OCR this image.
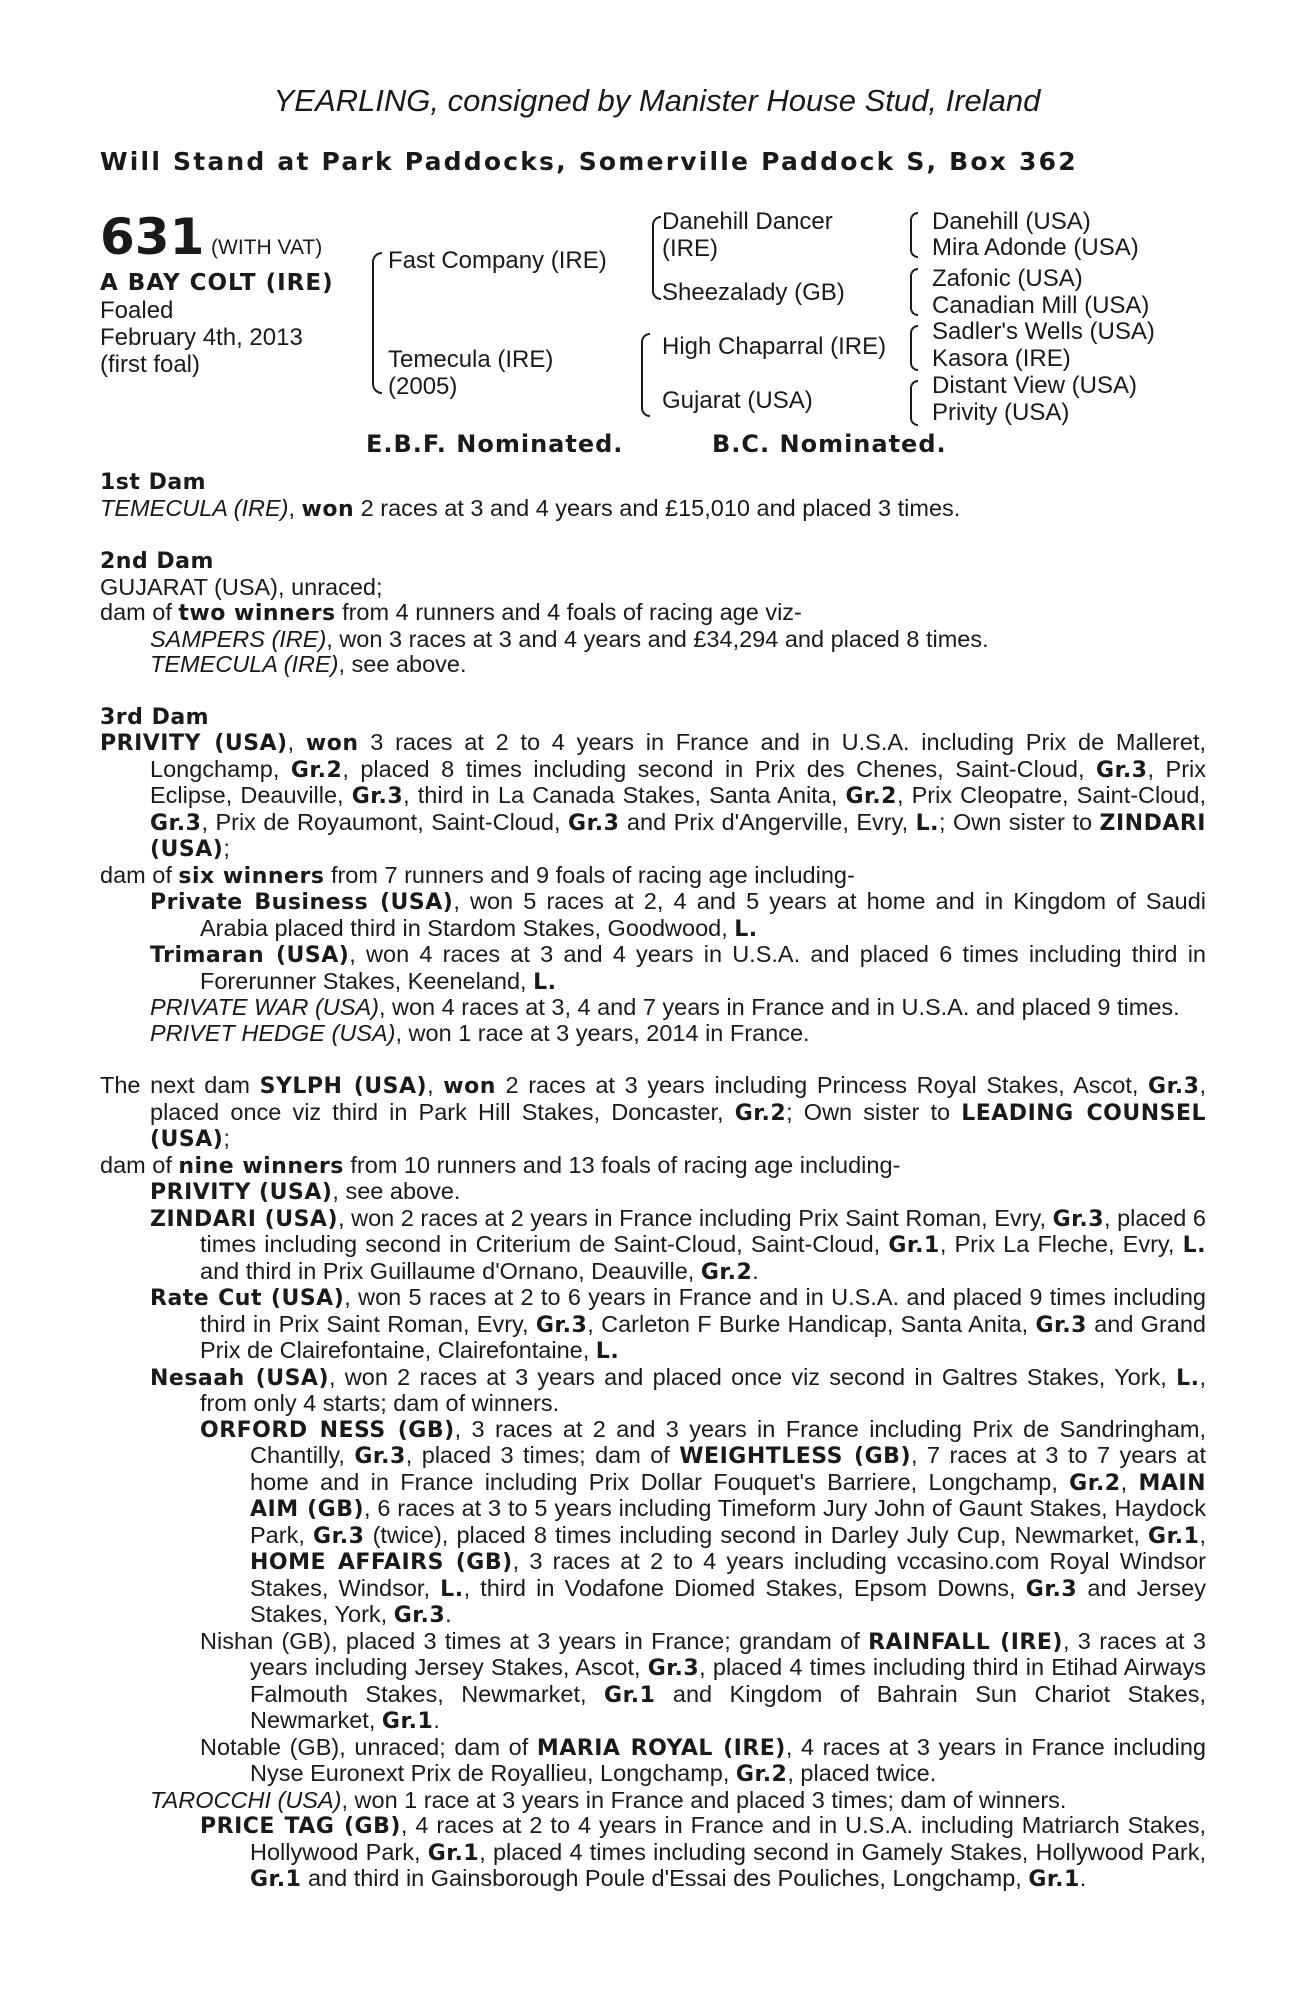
YEARLING, consigned by Manister House Stud, Ireland
Will Stand at Park Paddocks, Somerville Paddock S, Box 362
631 (WITH VAT)
A BAY COLT (IRE)
Foaled
February 4th, 2013
(first foal)
Fast Company (IRE)
Temecula (IRE)
(2005)
Danehill Dancer
(IRE)
Sheezalady (GB)
High Chaparral (IRE)
Gujarat (USA)
Danehill (USA)
Mira Adonde (USA)
Zafonic (USA)
Canadian Mill (USA)
Sadler's Wells (USA)
Kasora (IRE)
Distant View (USA)
Privity (USA)
E.B.F. Nominated.	B.C. Nominated.
1st Dam
TEMECULA (IRE), won 2 races at 3 and 4 years and £15,010 and placed 3 times.
2nd Dam
GUJARAT (USA), unraced;
dam of two winners from 4 runners and 4 foals of racing age viz-
SAMPERS (IRE), won 3 races at 3 and 4 years and £34,294 and placed 8 times.
TEMECULA (IRE), see above.
3rd Dam
PRIVITY (USA), won 3 races at 2 to 4 years in France and in U.S.A. including Prix de Malleret, Longchamp, Gr.2, placed 8 times including second in Prix des Chenes, Saint-Cloud, Gr.3, Prix Eclipse, Deauville, Gr.3, third in La Canada Stakes, Santa Anita, Gr.2, Prix Cleopatre, Saint-Cloud, Gr.3, Prix de Royaumont, Saint-Cloud, Gr.3 and Prix d'Angerville, Evry, L.; Own sister to ZINDARI (USA);
dam of six winners from 7 runners and 9 foals of racing age including-
Private Business (USA), won 5 races at 2, 4 and 5 years at home and in Kingdom of Saudi Arabia placed third in Stardom Stakes, Goodwood, L.
Trimaran (USA), won 4 races at 3 and 4 years in U.S.A. and placed 6 times including third in Forerunner Stakes, Keeneland, L.
PRIVATE WAR (USA), won 4 races at 3, 4 and 7 years in France and in U.S.A. and placed 9 times.
PRIVET HEDGE (USA), won 1 race at 3 years, 2014 in France.
The next dam SYLPH (USA), won 2 races at 3 years including Princess Royal Stakes, Ascot, Gr.3, placed once viz third in Park Hill Stakes, Doncaster, Gr.2; Own sister to LEADING COUNSEL (USA);
dam of nine winners from 10 runners and 13 foals of racing age including-
PRIVITY (USA), see above.
ZINDARI (USA), won 2 races at 2 years in France including Prix Saint Roman, Evry, Gr.3, placed 6 times including second in Criterium de Saint-Cloud, Saint-Cloud, Gr.1, Prix La Fleche, Evry, L. and third in Prix Guillaume d'Ornano, Deauville, Gr.2.
Rate Cut (USA), won 5 races at 2 to 6 years in France and in U.S.A. and placed 9 times including third in Prix Saint Roman, Evry, Gr.3, Carleton F Burke Handicap, Santa Anita, Gr.3 and Grand Prix de Clairefontaine, Clairefontaine, L.
Nesaah (USA), won 2 races at 3 years and placed once viz second in Galtres Stakes, York, L., from only 4 starts; dam of winners.
ORFORD NESS (GB), 3 races at 2 and 3 years in France including Prix de Sandringham, Chantilly, Gr.3, placed 3 times; dam of WEIGHTLESS (GB), 7 races at 3 to 7 years at home and in France including Prix Dollar Fouquet's Barriere, Longchamp, Gr.2, MAIN AIM (GB), 6 races at 3 to 5 years including Timeform Jury John of Gaunt Stakes, Haydock Park, Gr.3 (twice), placed 8 times including second in Darley July Cup, Newmarket, Gr.1, HOME AFFAIRS (GB), 3 races at 2 to 4 years including vccasino.com Royal Windsor Stakes, Windsor, L., third in Vodafone Diomed Stakes, Epsom Downs, Gr.3 and Jersey Stakes, York, Gr.3.
Nishan (GB), placed 3 times at 3 years in France; grandam of RAINFALL (IRE), 3 races at 3 years including Jersey Stakes, Ascot, Gr.3, placed 4 times including third in Etihad Airways Falmouth Stakes, Newmarket, Gr.1 and Kingdom of Bahrain Sun Chariot Stakes, Newmarket, Gr.1.
Notable (GB), unraced; dam of MARIA ROYAL (IRE), 4 races at 3 years in France including Nyse Euronext Prix de Royallieu, Longchamp, Gr.2, placed twice.
TAROCCHI (USA), won 1 race at 3 years in France and placed 3 times; dam of winners.
PRICE TAG (GB), 4 races at 2 to 4 years in France and in U.S.A. including Matriarch Stakes, Hollywood Park, Gr.1, placed 4 times including second in Gamely Stakes, Hollywood Park, Gr.1 and third in Gainsborough Poule d'Essai des Pouliches, Longchamp, Gr.1.
